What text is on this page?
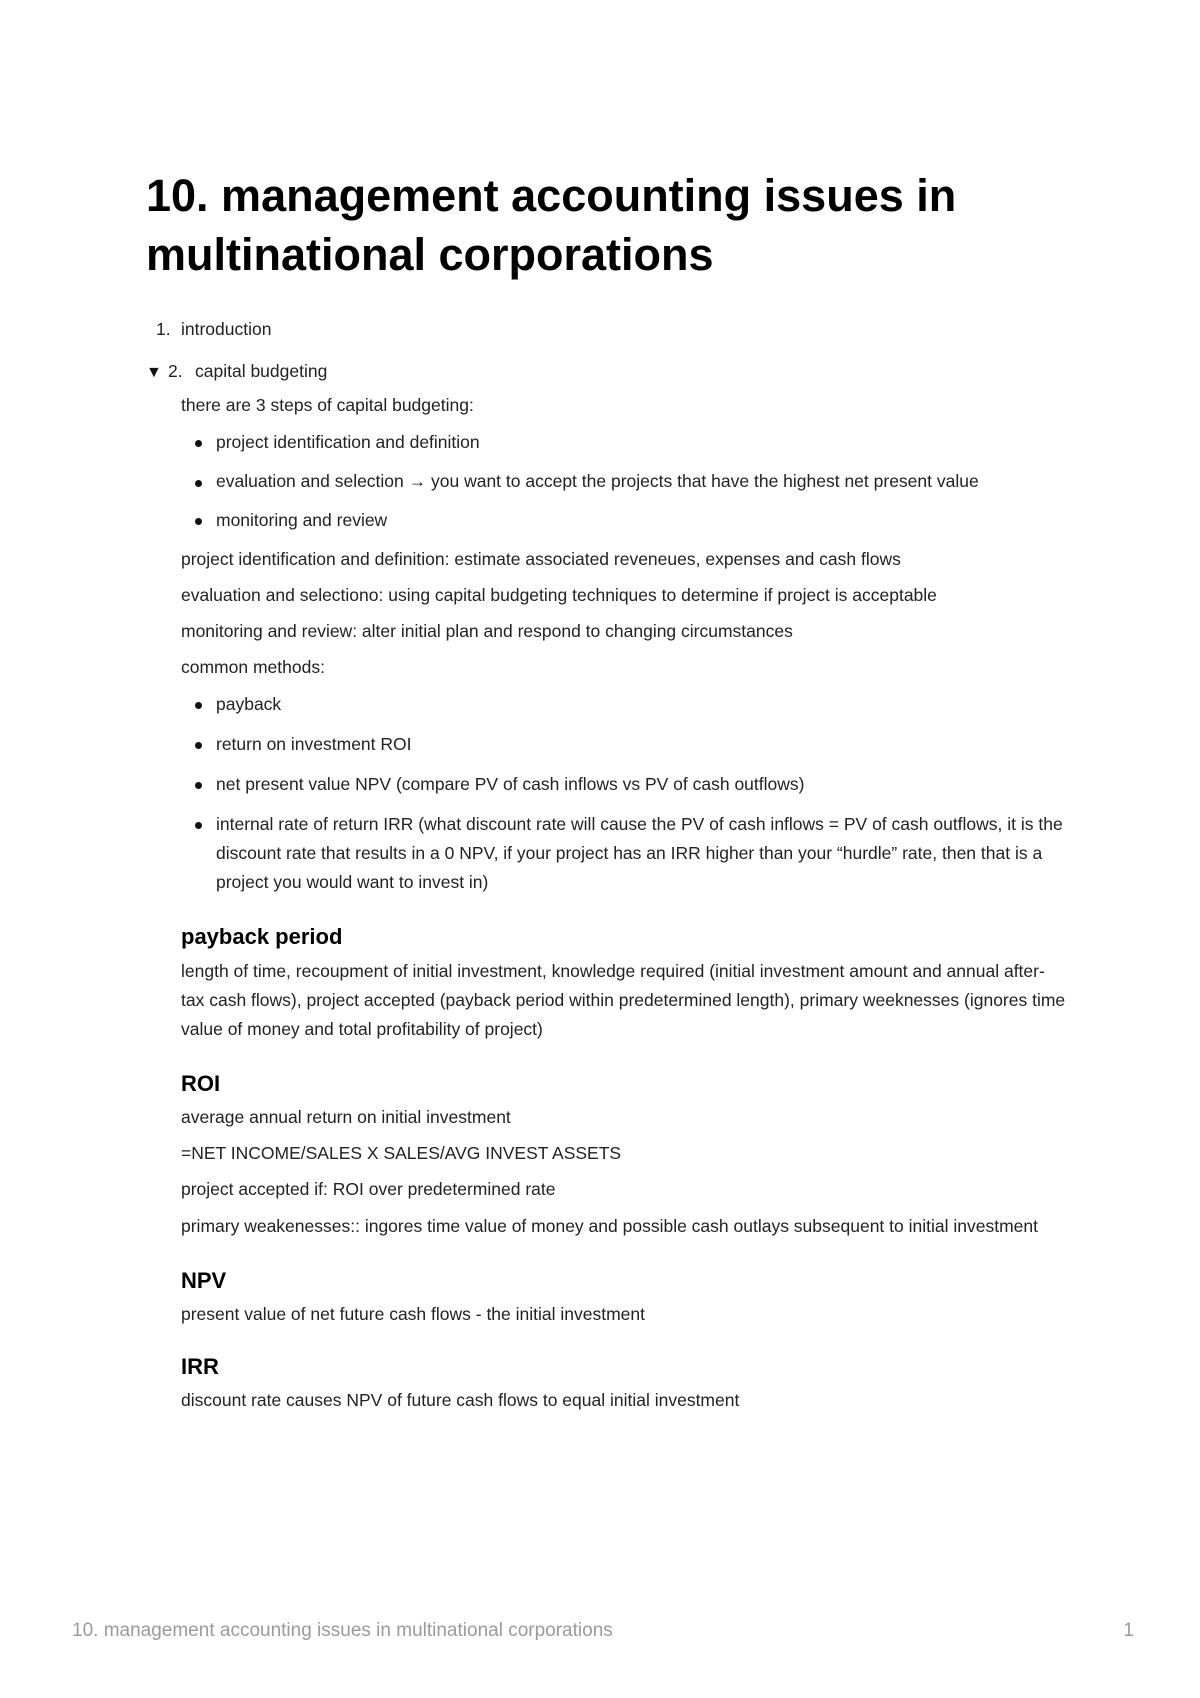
10. management accounting issues in multinational corporations
1. introduction
▼ 2. capital budgeting

there are 3 steps of capital budgeting:

project identification and definition
evaluation and selection → you want to accept the projects that have the highest net present value
monitoring and review

project identification and definition: estimate associated reveneues, expenses and cash flows

evaluation and selectiono: using capital budgeting techniques to determine if project is acceptable

monitoring and review: alter initial plan and respond to changing circumstances

common methods:

payback
return on investment ROI
net present value NPV (compare PV of cash inflows vs PV of cash outflows)
internal rate of return IRR (what discount rate will cause the PV of cash inflows = PV of cash outflows, it is the discount rate that results in a 0 NPV, if your project has an IRR higher than your “hurdle” rate, then that is a project you would want to invest in)
payback period

length of time, recoupment of initial investment, knowledge required (initial investment amount and annual after-tax cash flows), project accepted (payback period within predetermined length), primary weeknesses (ignores time value of money and total profitability of project)

ROI

average annual return on initial investment

=NET INCOME/SALES X SALES/AVG INVEST ASSETS

project accepted if: ROI over predetermined rate

primary weakenesses:: ingores time value of money and possible cash outlays subsequent to initial investment

NPV

present value of net future cash flows - the initial investment

IRR

discount rate causes NPV of future cash flows to equal initial investment

10. management accounting issues in multinational corporations	1
